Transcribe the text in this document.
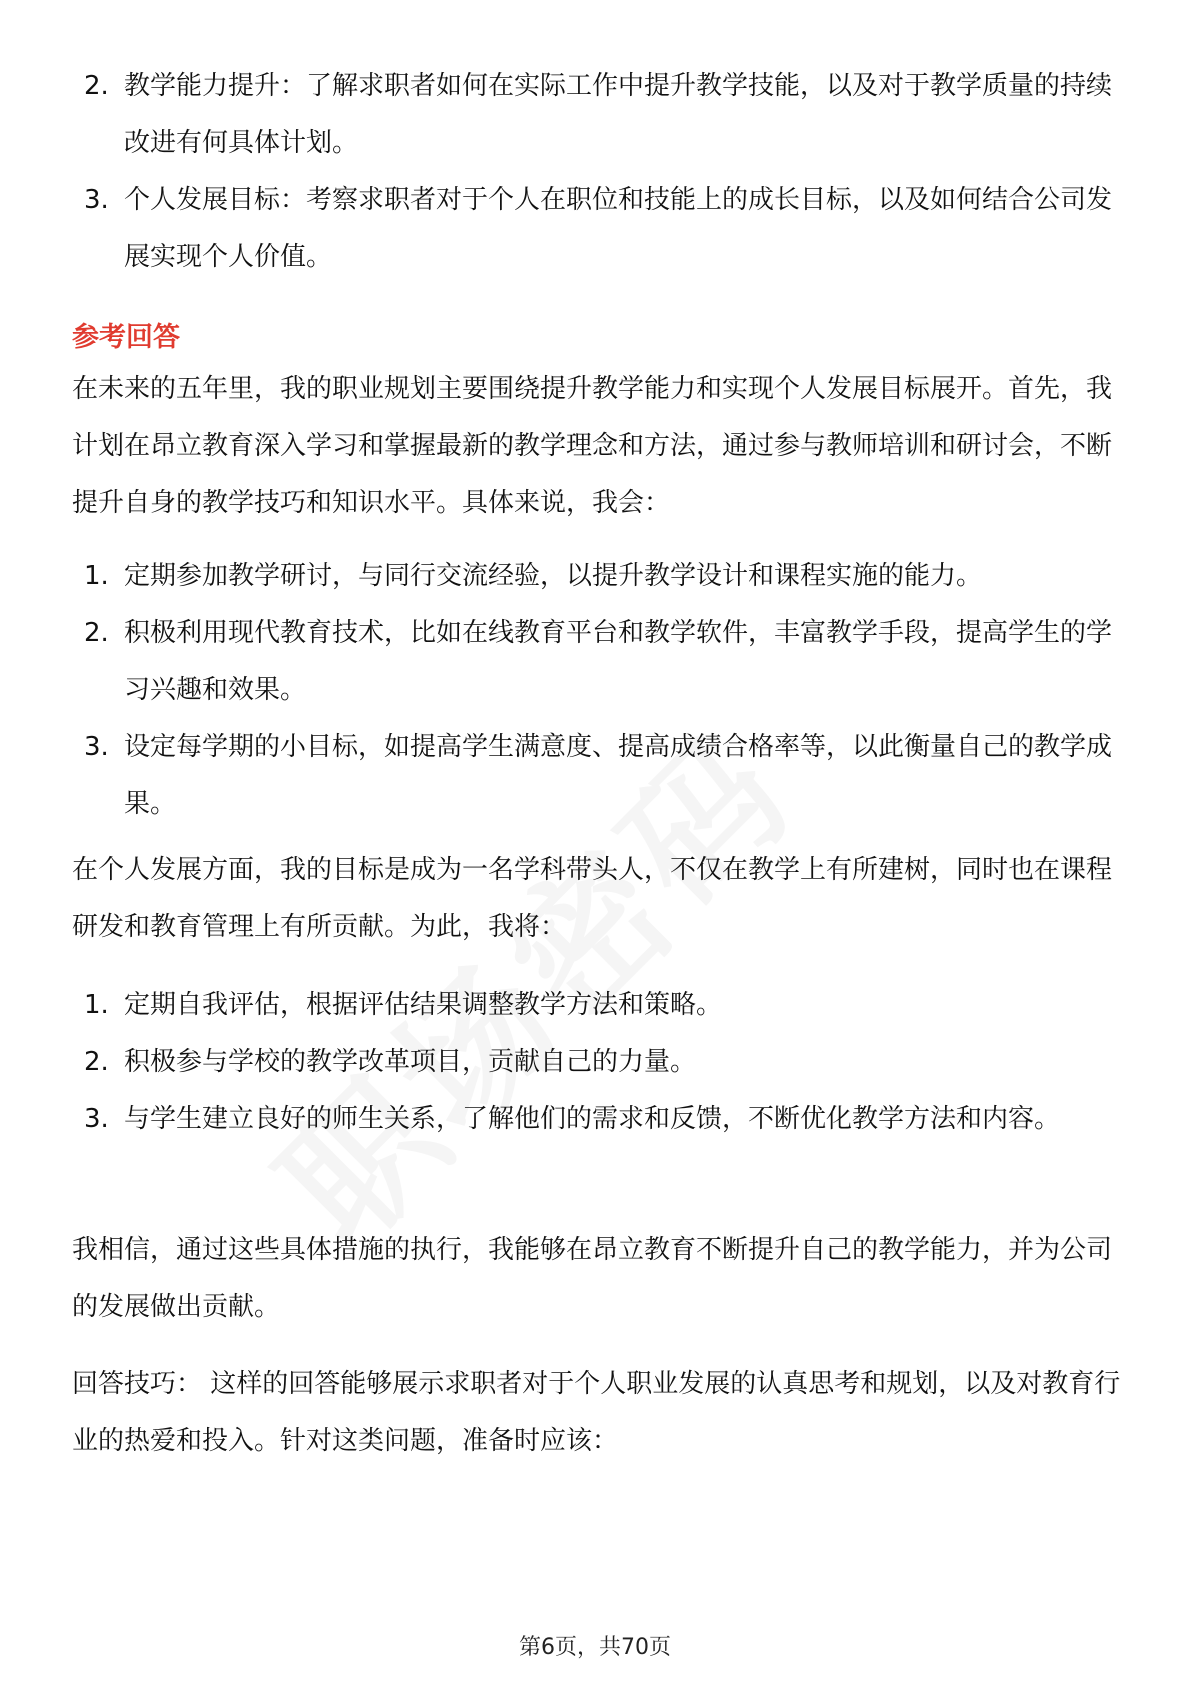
2. 教学能力提升：了解求职者如何在实际工作中提升教学技能，以及对于教学质量的持续改进有何具体计划。
3. 个人发展目标：考察求职者对于个人在职位和技能上的成长目标，以及如何结合公司发展实现个人价值。
参考回答

在未来的五年里，我的职业规划主要围绕提升教学能力和实现个人发展目标展开。首先，我计划在昂立教育深入学习和掌握最新的教学理念和方法，通过参与教师培训和研讨会，不断提升自身的教学技巧和知识水平。具体来说，我会：

1. 定期参加教学研讨，与同行交流经验，以提升教学设计和课程实施的能力。
2. 积极利用现代教育技术，比如在线教育平台和教学软件，丰富教学手段，提高学生的学习兴趣和效果。
3. 设定每学期的小目标，如提高学生满意度、提高成绩合格率等，以此衡量自己的教学成果。

在个人发展方面，我的目标是成为一名学科带头人，不仅在教学上有所建树，同时也在课程研发和教育管理上有所贡献。为此，我将：

1. 定期自我评估，根据评估结果调整教学方法和策略。
2. 积极参与学校的教学改革项目，贡献自己的力量。
3. 与学生建立良好的师生关系，了解他们的需求和反馈，不断优化教学方法和内容。

我相信，通过这些具体措施的执行，我能够在昂立教育不断提升自己的教学能力，并为公司的发展做出贡献。

回答技巧： 这样的回答能够展示求职者对于个人职业发展的认真思考和规划，以及对教育行业的热爱和投入。针对这类问题，准备时应该：

第6页，共70页
